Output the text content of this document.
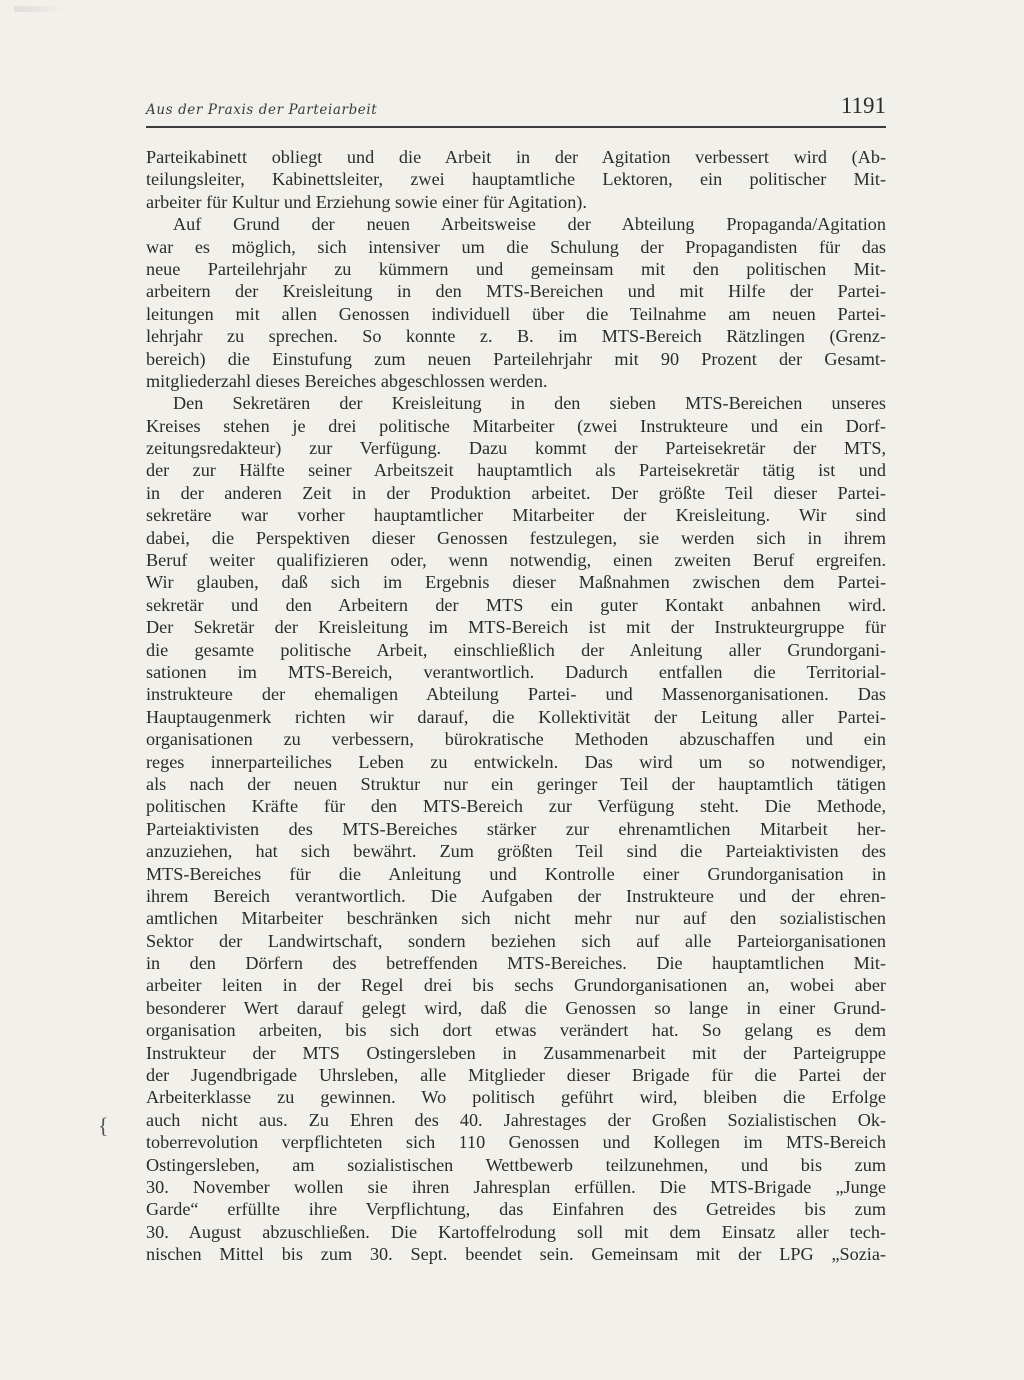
Aus der Praxis der Parteiarbeit	1191
{
Parteikabinett obliegt und die Arbeit in der Agitation verbessert wird (Ab-
teilungsleiter, Kabinettsleiter, zwei hauptamtliche Lektoren, ein politischer Mit-
arbeiter für Kultur und Erziehung sowie einer für Agitation).
Auf Grund der neuen Arbeitsweise der Abteilung Propaganda/Agitation
war es möglich, sich intensiver um die Schulung der Propagandisten für das
neue Parteilehrjahr zu kümmern und gemeinsam mit den politischen Mit-
arbeitern der Kreisleitung in den MTS-Bereichen und mit Hilfe der Partei-
leitungen mit allen Genossen individuell über die Teilnahme am neuen Partei-
lehrjahr zu sprechen. So konnte z. B. im MTS-Bereich Rätzlingen (Grenz-
bereich) die Einstufung zum neuen Parteilehrjahr mit 90 Prozent der Gesamt-
mitgliederzahl dieses Bereiches abgeschlossen werden.
Den Sekretären der Kreisleitung in den sieben MTS-Bereichen unseres
Kreises stehen je drei politische Mitarbeiter (zwei Instrukteure und ein Dorf-
zeitungsredakteur) zur Verfügung. Dazu kommt der Parteisekretär der MTS,
der zur Hälfte seiner Arbeitszeit hauptamtlich als Parteisekretär tätig ist und
in der anderen Zeit in der Produktion arbeitet. Der größte Teil dieser Partei-
sekretäre war vorher hauptamtlicher Mitarbeiter der Kreisleitung. Wir sind
dabei, die Perspektiven dieser Genossen festzulegen, sie werden sich in ihrem
Beruf weiter qualifizieren oder, wenn notwendig, einen zweiten Beruf ergreifen.
Wir glauben, daß sich im Ergebnis dieser Maßnahmen zwischen dem Partei-
sekretär und den Arbeitern der MTS ein guter Kontakt anbahnen wird.
Der Sekretär der Kreisleitung im MTS-Bereich ist mit der Instrukteurgruppe für
die gesamte politische Arbeit, einschließlich der Anleitung aller Grundorgani-
sationen im MTS-Bereich, verantwortlich. Dadurch entfallen die Territorial-
instrukteure der ehemaligen Abteilung Partei- und Massenorganisationen. Das
Hauptaugenmerk richten wir darauf, die Kollektivität der Leitung aller Partei-
organisationen zu verbessern, bürokratische Methoden abzuschaffen und ein
reges innerparteiliches Leben zu entwickeln. Das wird um so notwendiger,
als nach der neuen Struktur nur ein geringer Teil der hauptamtlich tätigen
politischen Kräfte für den MTS-Bereich zur Verfügung steht. Die Methode,
Parteiaktivisten des MTS-Bereiches stärker zur ehrenamtlichen Mitarbeit her-
anzuziehen, hat sich bewährt. Zum größten Teil sind die Parteiaktivisten des
MTS-Bereiches für die Anleitung und Kontrolle einer Grundorganisation in
ihrem Bereich verantwortlich. Die Aufgaben der Instrukteure und der ehren-
amtlichen Mitarbeiter beschränken sich nicht mehr nur auf den sozialistischen
Sektor der Landwirtschaft, sondern beziehen sich auf alle Parteiorganisationen
in den Dörfern des betreffenden MTS-Bereiches. Die hauptamtlichen Mit-
arbeiter leiten in der Regel drei bis sechs Grundorganisationen an, wobei aber
besonderer Wert darauf gelegt wird, daß die Genossen so lange in einer Grund-
organisation arbeiten, bis sich dort etwas verändert hat. So gelang es dem
Instrukteur der MTS Ostingersleben in Zusammenarbeit mit der Parteigruppe
der Jugendbrigade Uhrsleben, alle Mitglieder dieser Brigade für die Partei der
Arbeiterklasse zu gewinnen. Wo politisch geführt wird, bleiben die Erfolge
auch nicht aus. Zu Ehren des 40. Jahrestages der Großen Sozialistischen Ok-
toberrevolution verpflichteten sich 110 Genossen und Kollegen im MTS-Bereich
Ostingersleben, am sozialistischen Wettbewerb teilzunehmen, und bis zum
30. November wollen sie ihren Jahresplan erfüllen. Die MTS-Brigade „Junge
Garde“ erfüllte ihre Verpflichtung, das Einfahren des Getreides bis zum
30. August abzuschließen. Die Kartoffelrodung soll mit dem Einsatz aller tech-
nischen Mittel bis zum 30. Sept. beendet sein. Gemeinsam mit der LPG „Sozia-
